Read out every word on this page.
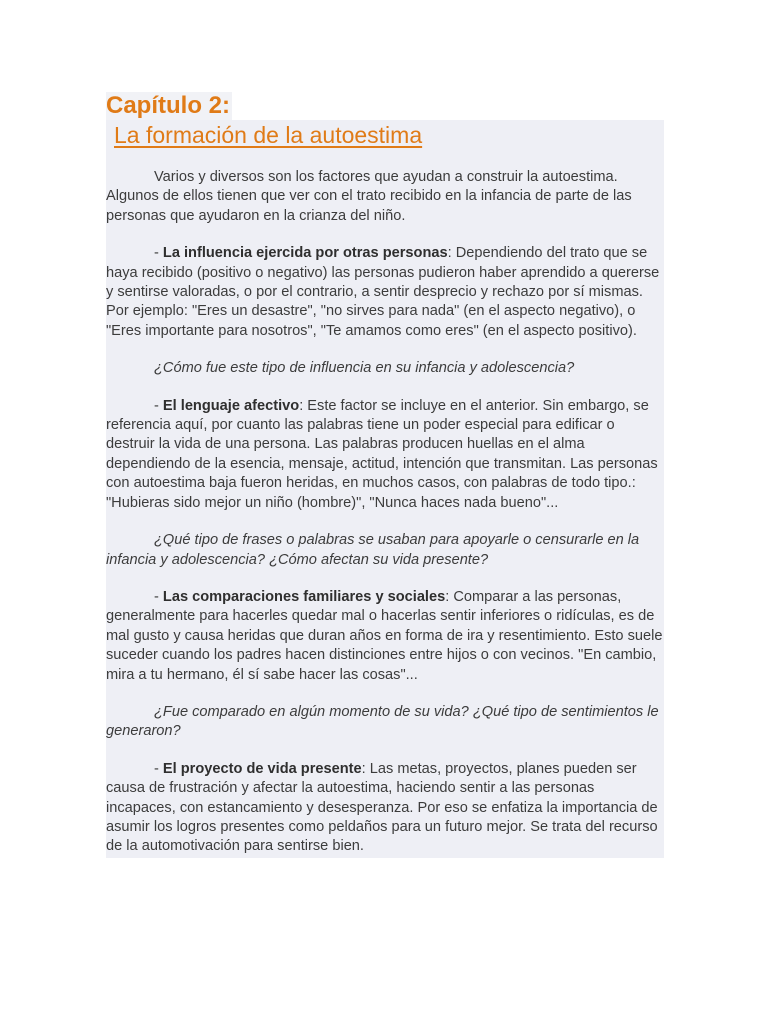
Capítulo 2:
La formación de la autoestima

Varios y diversos son los factores que ayudan a construir la autoestima. Algunos de ellos tienen que ver con el trato recibido en la infancia de parte de las personas que ayudaron en la crianza del niño.

- La influencia ejercida por otras personas: Dependiendo del trato que se haya recibido (positivo o negativo) las personas pudieron haber aprendido a quererse y sentirse valoradas, o por el contrario, a sentir desprecio y rechazo por sí mismas. Por ejemplo: "Eres un desastre", "no sirves para nada" (en el aspecto negativo), o "Eres importante para nosotros", "Te amamos como eres" (en el aspecto positivo).

¿Cómo fue este tipo de influencia en su infancia y adolescencia?

- El lenguaje afectivo: Este factor se incluye en el anterior. Sin embargo, se referencia aquí, por cuanto las palabras tiene un poder especial para edificar o destruir la vida de una persona. Las palabras producen huellas en el alma dependiendo de la esencia, mensaje, actitud, intención que transmitan. Las personas con autoestima baja fueron heridas, en muchos casos, con palabras de todo tipo.: "Hubieras sido mejor un niño (hombre)", "Nunca haces nada bueno"...

¿Qué tipo de frases o palabras se usaban para apoyarle o censurarle en la infancia y adolescencia? ¿Cómo afectan su vida presente?

- Las comparaciones familiares y sociales: Comparar a las personas, generalmente para hacerles quedar mal o hacerlas sentir inferiores o ridículas, es de mal gusto y causa heridas que duran años en forma de ira y resentimiento. Esto suele suceder cuando los padres hacen distinciones entre hijos o con vecinos. "En cambio, mira a tu hermano, él sí sabe hacer las cosas"...

¿Fue comparado en algún momento de su vida? ¿Qué tipo de sentimientos le generaron?

- El proyecto de vida presente: Las metas, proyectos, planes pueden ser causa de frustración y afectar la autoestima, haciendo sentir a las personas incapaces, con estancamiento y desesperanza. Por eso se enfatiza la importancia de asumir los logros presentes como peldaños para un futuro mejor. Se trata del recurso de la automotivación para sentirse bien.
